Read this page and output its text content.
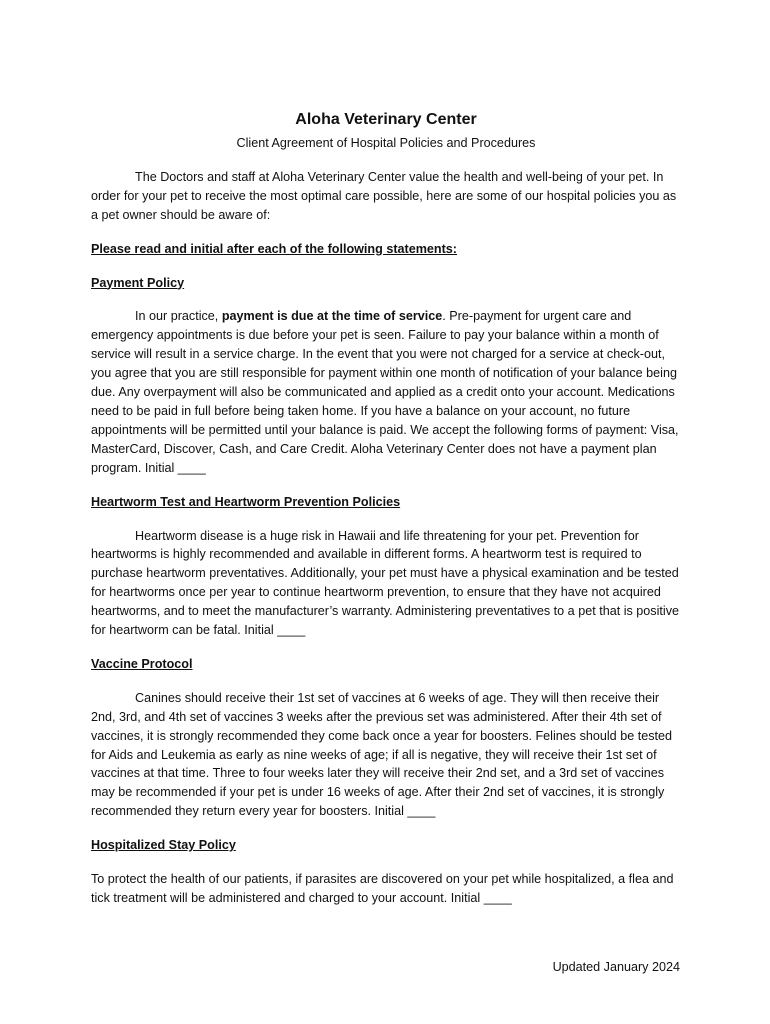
Aloha Veterinary Center
Client Agreement of Hospital Policies and Procedures

The Doctors and staff at Aloha Veterinary Center value the health and well-being of your pet. In order for your pet to receive the most optimal care possible, here are some of our hospital policies you as a pet owner should be aware of:

Please read and initial after each of the following statements:

Payment Policy

In our practice, payment is due at the time of service. Pre-payment for urgent care and emergency appointments is due before your pet is seen. Failure to pay your balance within a month of service will result in a service charge. In the event that you were not charged for a service at check-out, you agree that you are still responsible for payment within one month of notification of your balance being due. Any overpayment will also be communicated and applied as a credit onto your account. Medications need to be paid in full before being taken home. If you have a balance on your account, no future appointments will be permitted until your balance is paid. We accept the following forms of payment: Visa, MasterCard, Discover, Cash, and Care Credit. Aloha Veterinary Center does not have a payment plan program. Initial ____

Heartworm Test and Heartworm Prevention Policies

Heartworm disease is a huge risk in Hawaii and life threatening for your pet. Prevention for heartworms is highly recommended and available in different forms. A heartworm test is required to purchase heartworm preventatives. Additionally, your pet must have a physical examination and be tested for heartworms once per year to continue heartworm prevention, to ensure that they have not acquired heartworms, and to meet the manufacturer’s warranty. Administering preventatives to a pet that is positive for heartworm can be fatal. Initial ____

Vaccine Protocol

Canines should receive their 1st set of vaccines at 6 weeks of age. They will then receive their 2nd, 3rd, and 4th set of vaccines 3 weeks after the previous set was administered. After their 4th set of vaccines, it is strongly recommended they come back once a year for boosters. Felines should be tested for Aids and Leukemia as early as nine weeks of age; if all is negative, they will receive their 1st set of vaccines at that time. Three to four weeks later they will receive their 2nd set, and a 3rd set of vaccines may be recommended if your pet is under 16 weeks of age. After their 2nd set of vaccines, it is strongly recommended they return every year for boosters. Initial ____

Hospitalized Stay Policy

To protect the health of our patients, if parasites are discovered on your pet while hospitalized, a flea and tick treatment will be administered and charged to your account. Initial ____

Updated January 2024
